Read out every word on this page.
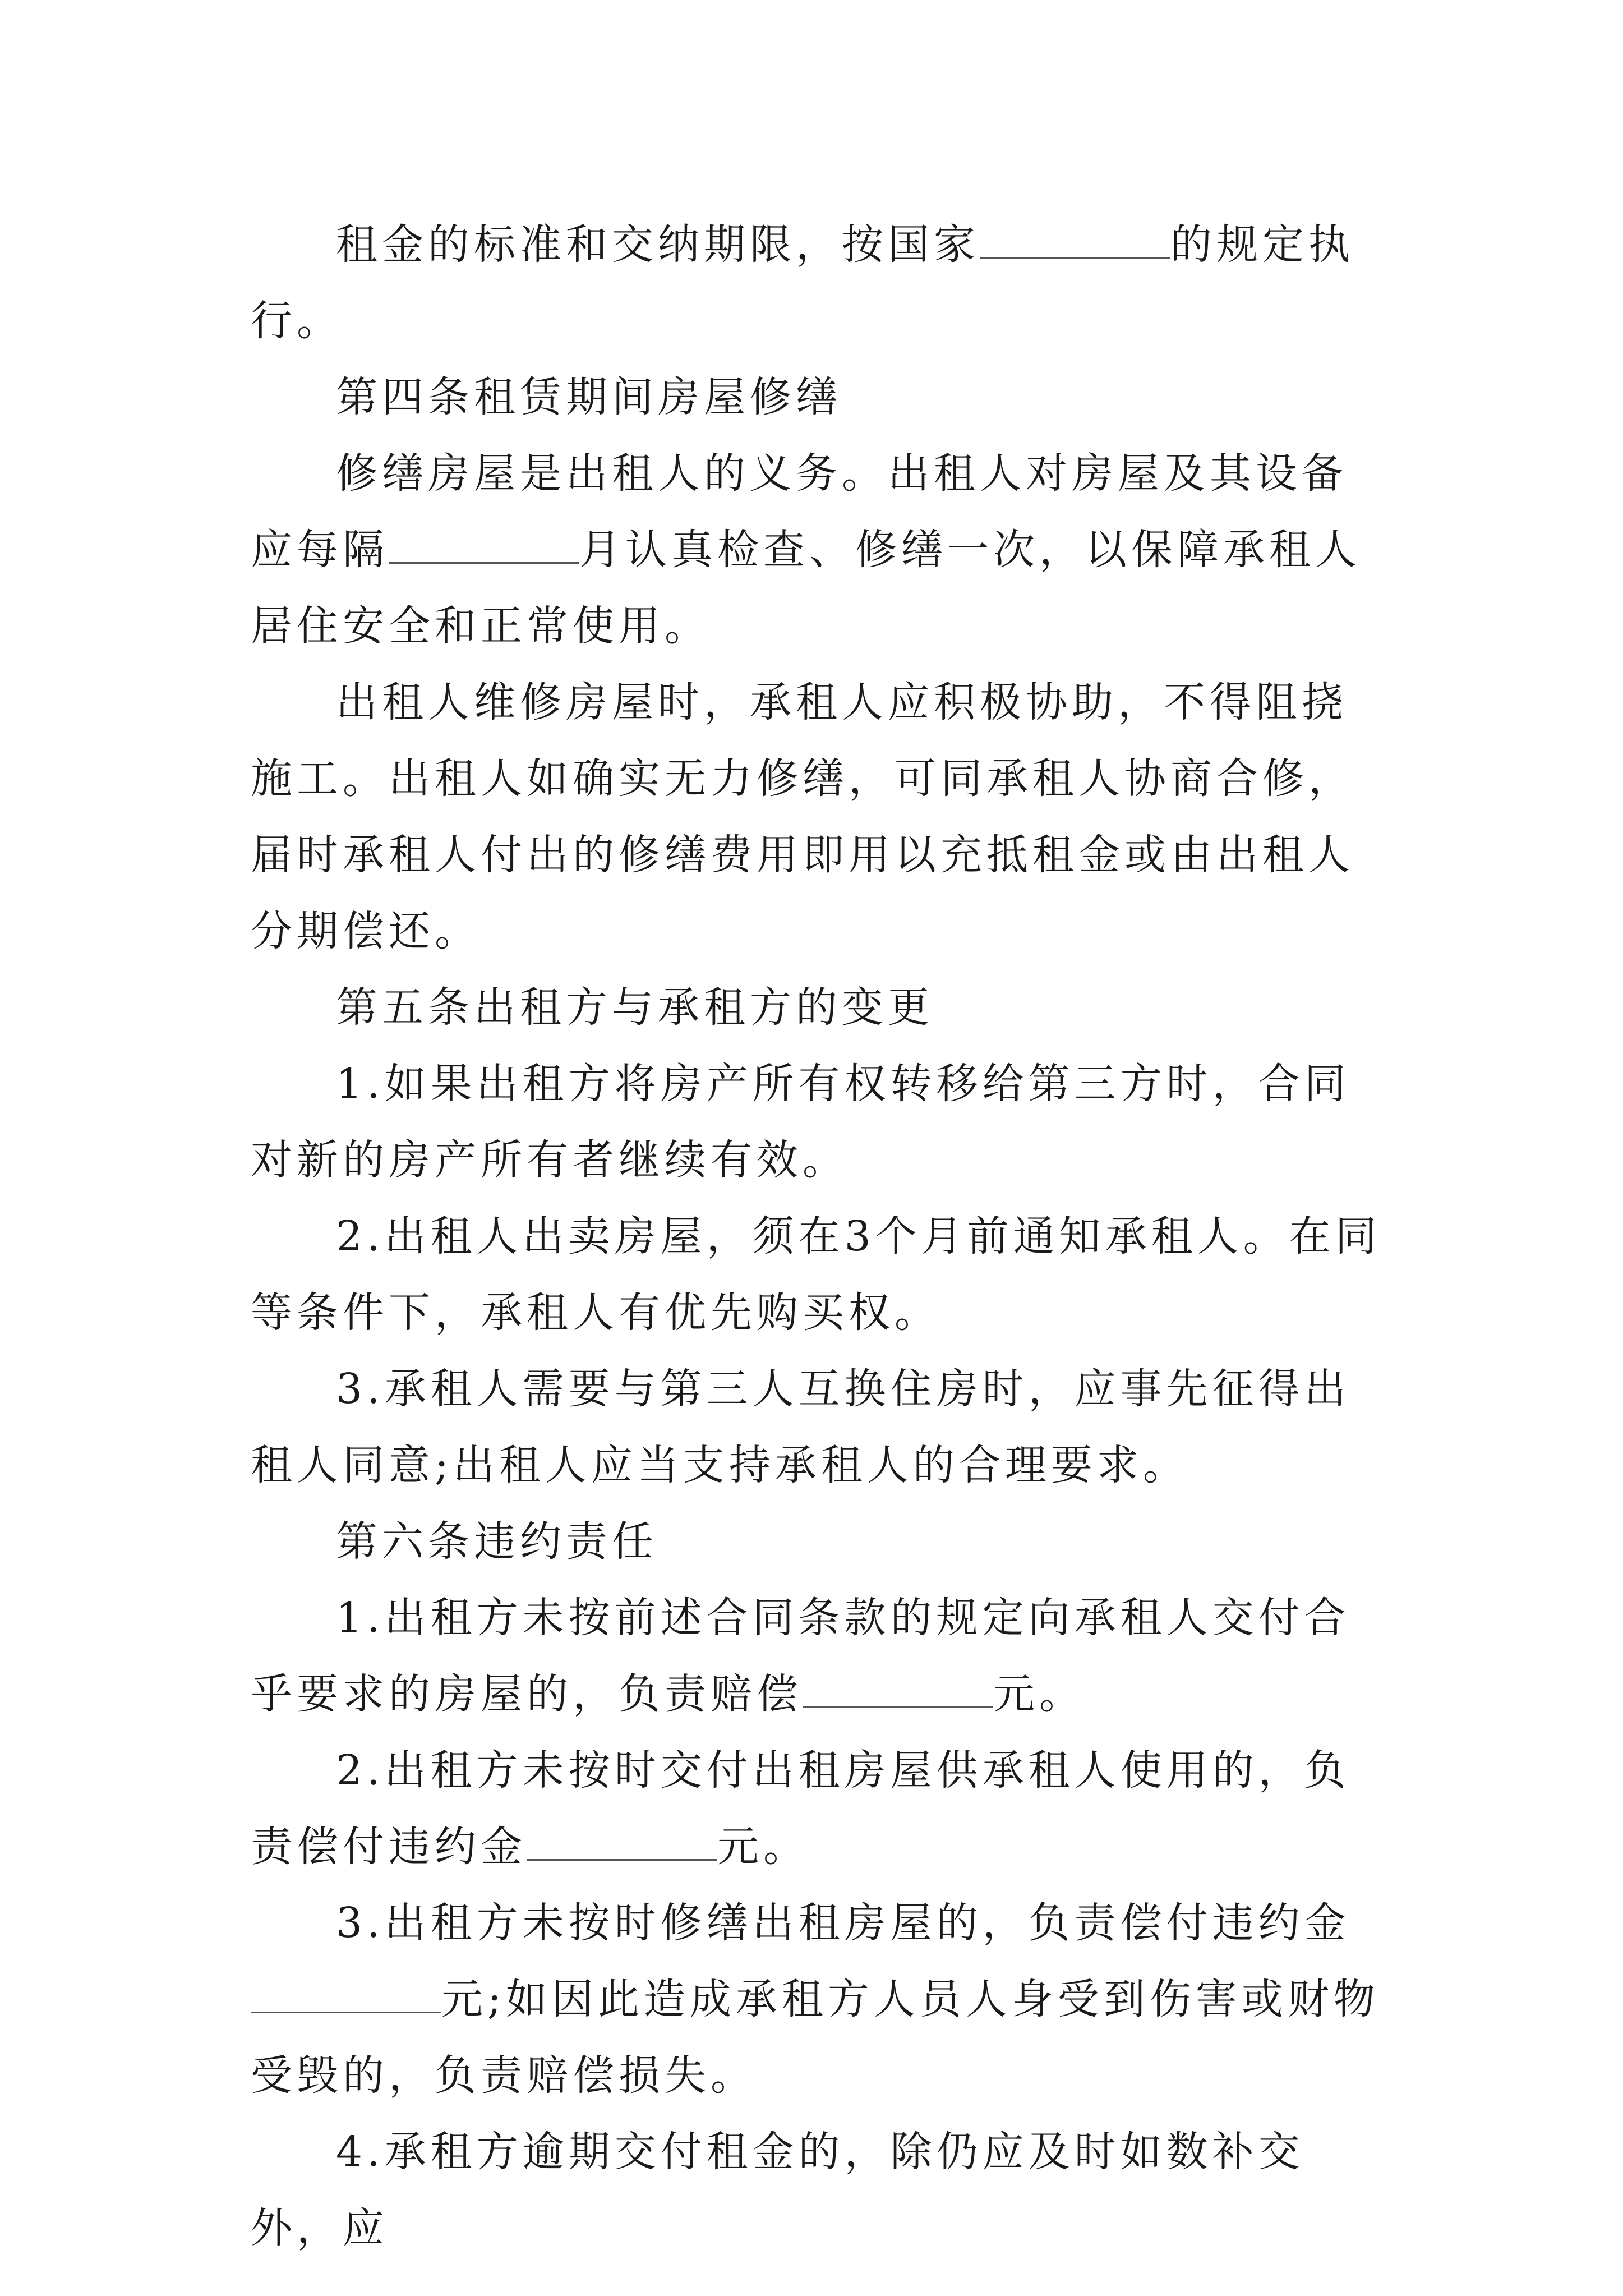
租金的标准和交纳期限，按国家	的规定执行。

第四条租赁期间房屋修缮

修缮房屋是出租人的义务。出租人对房屋及其设备应每隔	月认真检查、修缮一次，以保障承租人居住安全和正常使用。

出租人维修房屋时，承租人应积极协助，不得阻挠施工。出租人如确实无力修缮，可同承租人协商合修，届时承租人付出的修缮费用即用以充抵租金或由出租人分期偿还。

第五条出租方与承租方的变更

1.如果出租方将房产所有权转移给第三方时，合同对新的房产所有者继续有效。

2.出租人出卖房屋，须在3个月前通知承租人。在同等条件下，承租人有优先购买权。

3.承租人需要与第三人互换住房时，应事先征得出租人同意;出租人应当支持承租人的合理要求。

第六条违约责任

1.出租方未按前述合同条款的规定向承租人交付合乎要求的房屋的，负责赔偿	元。

2.出租方未按时交付出租房屋供承租人使用的，负责偿付违约金	元。

3.出租方未按时修缮出租房屋的，负责偿付违约金元;如因此造成承租方人员人身受到伤害或财物受毁的，负责赔偿损失。

4.承租方逾期交付租金的，除仍应及时如数补交外，应
